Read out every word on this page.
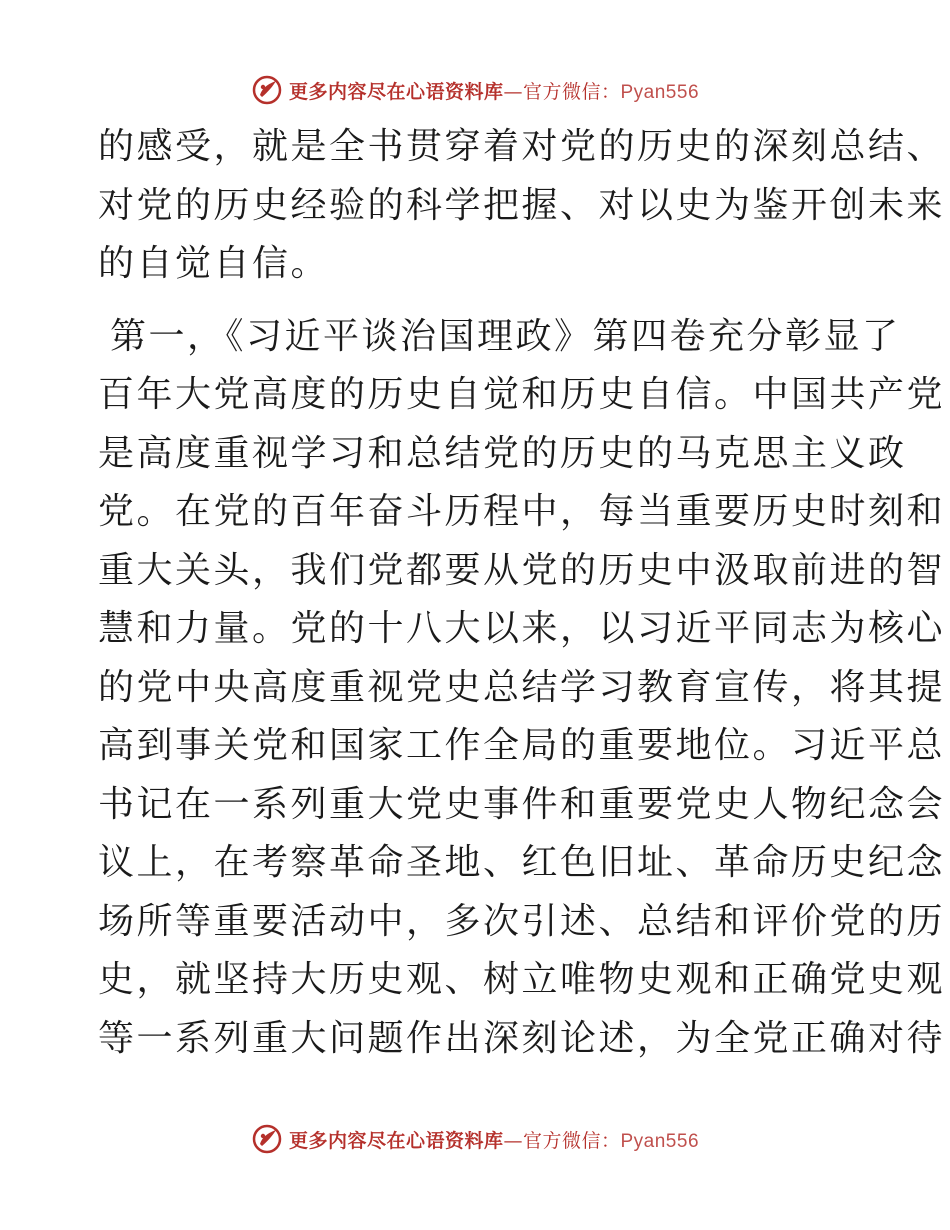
更多内容尽在心语资料库—官方微信：Pyan556
的感受，就是全书贯穿着对党的历史的深刻总结、
对党的历史经验的科学把握、对以史为鉴开创未来
的自觉自信。
第一，《习近平谈治国理政》第四卷充分彰显了
百年大党高度的历史自觉和历史自信。中国共产党
是高度重视学习和总结党的历史的马克思主义政
党。在党的百年奋斗历程中，每当重要历史时刻和
重大关头，我们党都要从党的历史中汲取前进的智
慧和力量。党的十八大以来，以习近平同志为核心
的党中央高度重视党史总结学习教育宣传，将其提
高到事关党和国家工作全局的重要地位。习近平总
书记在一系列重大党史事件和重要党史人物纪念会
议上，在考察革命圣地、红色旧址、革命历史纪念
场所等重要活动中，多次引述、总结和评价党的历
史，就坚持大历史观、树立唯物史观和正确党史观
等一系列重大问题作出深刻论述，为全党正确对待
更多内容尽在心语资料库—官方微信：Pyan556
